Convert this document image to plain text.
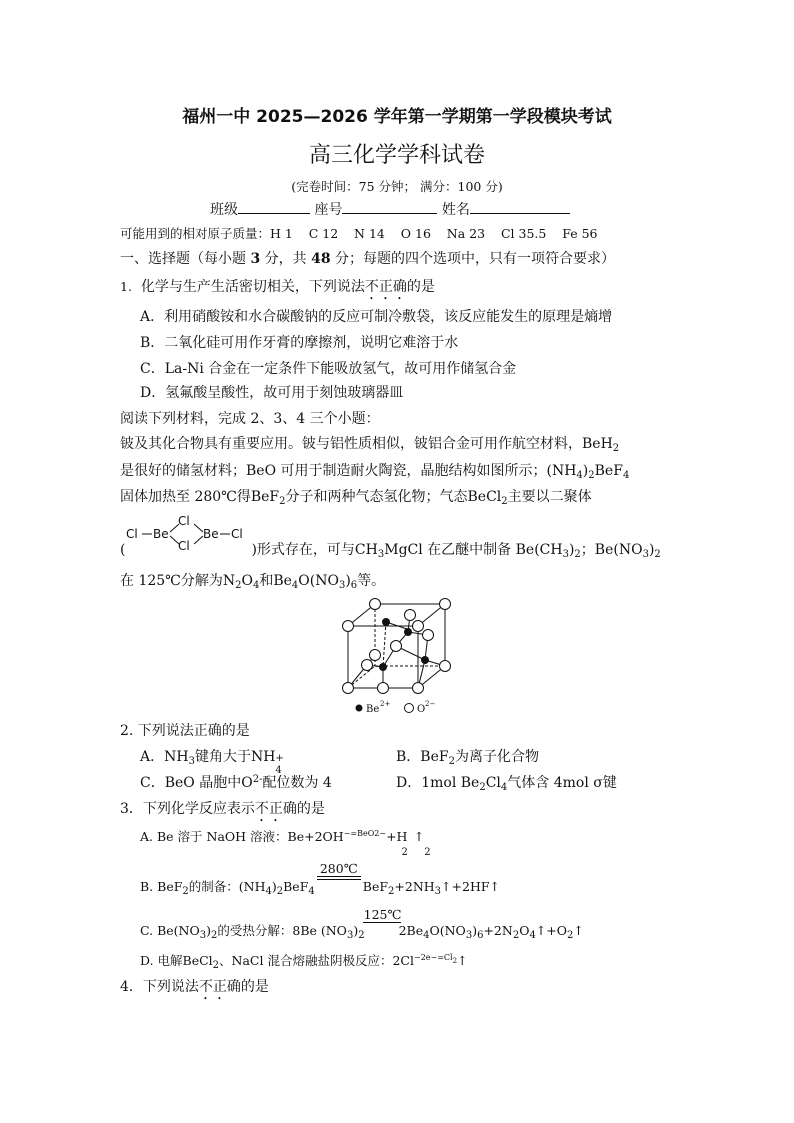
福州一中 2025—2026 学年第一学期第一学段模块考试
高三化学学科试卷
(完卷时间：75 分钟； 满分：100 分)
班级	座号	姓名
可能用到的相对原子质量：H 1    C 12    N 14    O 16    Na 23    Cl 35.5    Fe 56
一、选择题（每小题 3 分，共 48 分；每题的四个选项中，只有一项符合要求）
1. 化学与生产生活密切相关，下列说法不正确的是
A．利用硝酸铵和水合碳酸钠的反应可制冷敷袋，该反应能发生的原理是熵增
B．二氧化硅可用作牙膏的摩擦剂，说明它难溶于水
C．La-Ni 合金在一定条件下能吸放氢气，故可用作储氢合金
D．氢氟酸呈酸性，故可用于刻蚀玻璃器皿
阅读下列材料，完成 2、3、4 三个小题：
铍及其化合物具有重要应用。铍与铝性质相似，铍铝合金可用作航空材料，BeH$_2$
是很好的储氢材料；BeO 可用于制造耐火陶瓷，晶胞结构如图所示；$(NH_4)_2BeF_4$
固体加热至 280℃得BeF$_2$分子和两种气态氢化物；气态BeCl$_2$主要以二聚体
Cl Be
Cl
Cl
Be Cl
(	)形式存在，可与$CH_3MgCl$ 在乙醚中制备 $Be(CH_3)_2$；$Be(NO_3)_2$
在 125℃分解为$N_2O_4$和$Be_4O(NO_3)_6$等。
Be 2+	O 2−
2. 下列说法正确的是
A．$NH_3$键角大于NH +
4
B．BeF$_2$为离子化合物
C．BeO 晶胞中$O^{2-}$配位数为 4	D．1mol $Be_2Cl_4$气体含 4mol σ键
3．下列化学反应表示不正确的是
A. Be 溶于 NaOH 溶液：$Be+2OH^{-=BeO2-}+H_2↑_2$
B. BeF$_2$的制备：$(NH_4)_2BeF_4$
280℃
$BeF_2+2NH_3↑+2HF↑$
C. $Be(NO_3)_2$的受热分解：8Be $(NO_3)_2$
125℃
$2Be_4O(NO_3)_6+2N_2O_4↑+O_2↑$
D. 电解BeCl$_2$、NaCl 混合熔融盐阴极反应：$2Cl^{-2e-=Cl2}↑$
4．下列说法不正确的是
